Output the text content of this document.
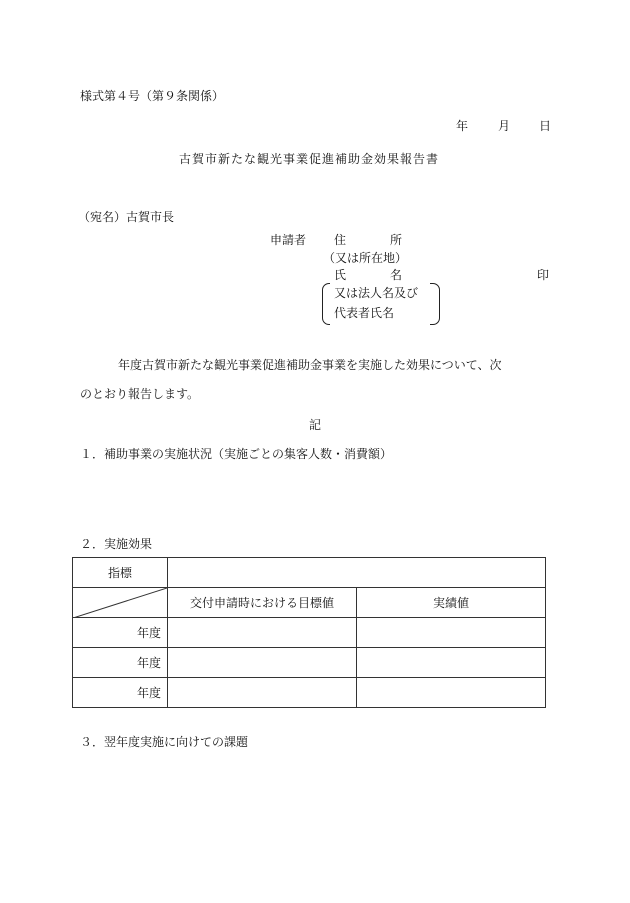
様式第４号（第９条関係）
年 月 日
古賀市新たな観光事業促進補助金効果報告書
（宛名）古賀市長
申請者 住	所
（又は所在地）
氏	名	印
又は法人名及び
代表者氏名
年度古賀市新たな観光事業促進補助金事業を実施した効果について、次
のとおり報告します。
記
１．補助事業の実施状況（実施ごとの集客人数・消費額）
２．実施効果
指標		

	交付申請時における目標値	実績値
年度		
年度		
年度		
３．翌年度実施に向けての課題
